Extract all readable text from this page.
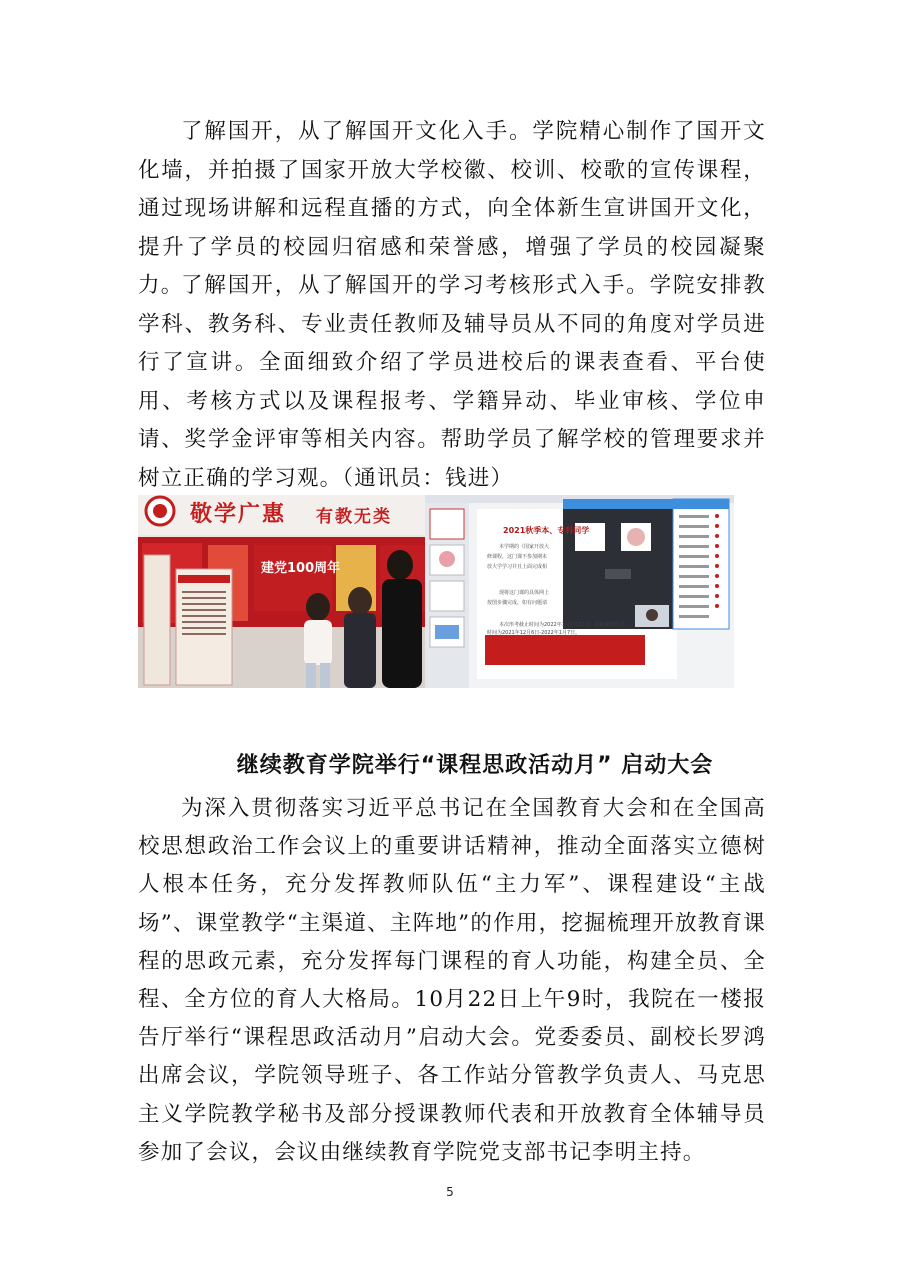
了解国开，从了解国开文化入手。学院精心制作了国开文化墙，并拍摄了国家开放大学校徽、校训、校歌的宣传课程，通过现场讲解和远程直播的方式，向全体新生宣讲国开文化，提升了学员的校园归宿感和荣誉感，增强了学员的校园凝聚力。

了解国开，从了解国开的学习考核形式入手。学院安排教学科、教务科、专业责任教师及辅导员从不同的角度对学员进行了宣讲。全面细致介绍了学员进校后的课表查看、平台使用、考核方式以及课程报考、学籍异动、毕业审核、学位申请、奖学金评审等相关内容。帮助学员了解学校的管理要求并树立正确的学习观。（通讯员：钱进）

敬学广惠 有教无类
建党100周年
2021秋季本、专科同学
本学期的《国家开放大
修课程，这门课不参加期末
放大学学习并且上面完成相
现将这门课的具体网上
按图步骤完成，如有问题请
本次形考截止时间为2022年1月7日12点，思政课程终考
时间为2021年12月6日-2022年1月7日。
继续教育学院举行“课程思政活动月” 启动大会

为深入贯彻落实习近平总书记在全国教育大会和在全国高校思想政治工作会议上的重要讲话精神，推动全面落实立德树人根本任务，充分发挥教师队伍“主力军”、课程建设“主战场”、课堂教学“主渠道、主阵地”的作用，挖掘梳理开放教育课程的思政元素，充分发挥每门课程的育人功能，构建全员、全程、全方位的育人大格局。10月22日上午9时，我院在一楼报告厅举行“课程思政活动月”启动大会。党委委员、副校长罗鸿出席会议，学院领导班子、各工作站分管教学负责人、马克思主义学院教学秘书及部分授课教师代表和开放教育全体辅导员参加了会议，会议由继续教育学院党支部书记李明主持。

5
